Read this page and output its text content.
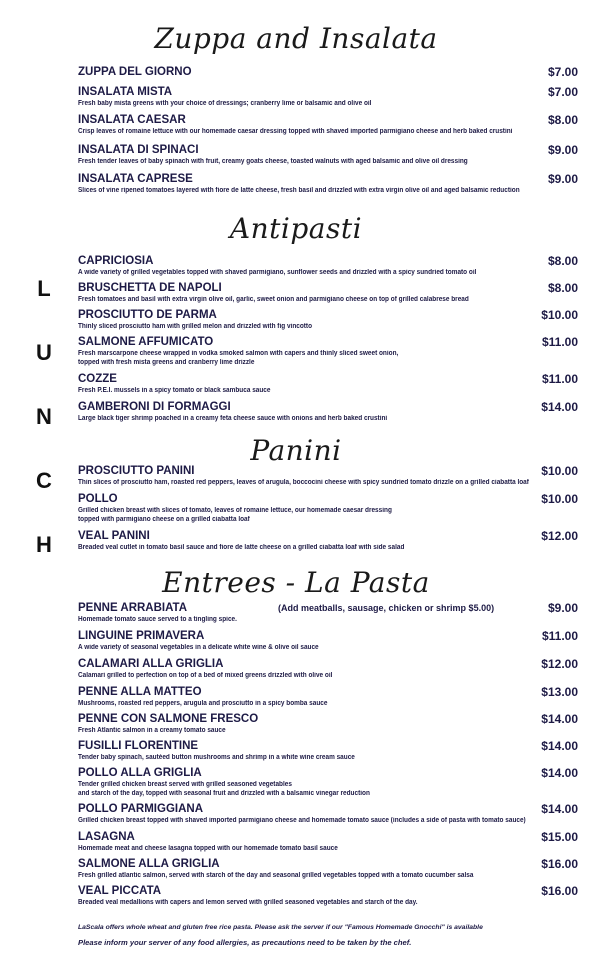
Zuppa and Insalata
Antipasti
Panini
Entrees - La Pasta
L
U
N
C
H
ZUPPA DEL GIORNO	$7.00
INSALATA MISTA
Fresh baby mista greens with your choice of dressings; cranberry lime or balsamic and olive oil
$7.00
INSALATA CAESAR
Crisp leaves of romaine lettuce with our homemade caesar dressing topped with shaved imported parmigiano cheese and herb baked crustini
$8.00
INSALATA DI SPINACI
Fresh tender leaves of baby spinach with fruit, creamy goats cheese, toasted walnuts with aged balsamic and olive oil dressing
$9.00
INSALATA CAPRESE
Slices of vine ripened tomatoes layered with fiore de latte cheese, fresh basil and drizzled with extra virgin olive oil and aged balsamic reduction
$9.00
CAPRICIOSIA
A wide variety of grilled vegetables topped with shaved parmigiano, sunflower seeds and drizzled with a spicy sundried tomato oil
$8.00
BRUSCHETTA DE NAPOLI
Fresh tomatoes and basil with extra virgin olive oil, garlic, sweet onion and parmigiano cheese on top of grilled calabrese bread
$8.00
PROSCIUTTO DE PARMA
Thinly sliced prosciutto ham with grilled melon and drizzled with fig vincotto
$10.00
SALMONE AFFUMICATO
Fresh marscarpone cheese wrapped in vodka smoked salmon with capers and thinly sliced sweet onion,
topped with fresh mista greens and cranberry lime drizzle
$11.00
COZZE
Fresh P.E.I. mussels in a spicy tomato or black sambuca sauce
$11.00
GAMBERONI DI FORMAGGI
Large black tiger shrimp poached in a creamy feta cheese sauce with onions and herb baked crustini
$14.00
PROSCIUTTO PANINI
Thin slices of prosciutto ham, roasted red peppers, leaves of arugula, boccocini cheese with spicy sundried tomato drizzle on a grilled ciabatta loaf
$10.00
POLLO
Grilled chicken breast with slices of tomato, leaves of romaine lettuce, our homemade caesar dressing
topped with parmigiano cheese on a grilled ciabatta loaf
$10.00
VEAL PANINI
Breaded veal cutlet in tomato basil sauce and fiore de latte cheese on a grilled ciabatta loaf with side salad
$12.00
PENNE ARRABIATA	(Add meatballs, sausage, chicken or shrimp $5.00)
Homemade tomato sauce served to a tingling spice.
$9.00
LINGUINE PRIMAVERA
A wide variety of seasonal vegetables in a delicate white wine & olive oil sauce
$11.00
CALAMARI ALLA GRIGLIA
Calamari grilled to perfection on top of a bed of mixed greens drizzled with olive oil
$12.00
PENNE ALLA MATTEO
Mushrooms, roasted red peppers, arugula and prosciutto in a spicy bomba sauce
$13.00
PENNE CON SALMONE FRESCO
Fresh Atlantic salmon in a creamy tomato sauce
$14.00
FUSILLI FLORENTINE
Tender baby spinach, sautéed button mushrooms and shrimp in a white wine cream sauce
$14.00
POLLO ALLA GRIGLIA
Tender grilled chicken breast served with grilled seasoned vegetables
and starch of the day, topped with seasonal fruit and drizzled with a balsamic vinegar reduction
$14.00
POLLO PARMIGGIANA
Grilled chicken breast topped with shaved imported parmigiano cheese and homemade tomato sauce (includes a side of pasta with tomato sauce)
$14.00
LASAGNA
Homemade meat and cheese lasagna topped with our homemade tomato basil sauce
$15.00
SALMONE ALLA GRIGLIA
Fresh grilled atlantic salmon, served with starch of the day and seasonal grilled vegetables topped with a tomato cucumber salsa
$16.00
VEAL PICCATA
Breaded veal medallions with capers and lemon served with grilled seasoned vegetables and starch of the day.
$16.00
LaScala offers whole wheat and gluten free rice pasta. Please ask the server if our "Famous Homemade Gnocchi" is available
Please inform your server of any food allergies, as precautions need to be taken by the chef.
